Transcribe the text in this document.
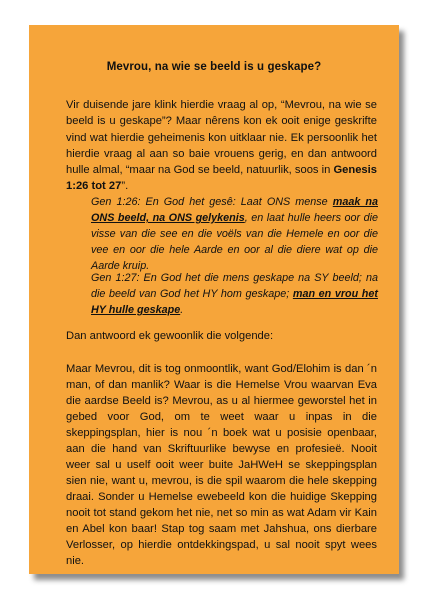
Mevrou, na wie se beeld is u geskape?
Vir duisende jare klink hierdie vraag al op, “Mevrou, na wie se beeld is u geskape”? Maar nêrens kon ek ooit enige geskrifte vind wat hierdie geheimenis kon uitklaar nie. Ek persoonlik het hierdie vraag al aan so baie vrouens gerig, en dan antwoord hulle almal, “maar na God se beeld, natuurlik, soos in Genesis 1:26 tot 27”.
Gen 1:26: En God het gesê: Laat ONS mense maak na ONS beeld, na ONS gelykenis, en laat hulle heers oor die visse van die see en die voëls van die Hemele en oor die vee en oor die hele Aarde en oor al die diere wat op die Aarde kruip.
Gen 1:27: En God het die mens geskape na SY beeld; na die beeld van God het HY hom geskape; man en vrou het HY hulle geskape.
Dan antwoord ek gewoonlik die volgende:
Maar Mevrou, dit is tog onmoontlik, want God/Elohim is dan ´n man, of dan manlik? Waar is die Hemelse Vrou waarvan Eva die aardse Beeld is? Mevrou, as u al hiermee geworstel het in gebed voor God, om te weet waar u inpas in die skeppingsplan, hier is nou ´n boek wat u posisie openbaar, aan die hand van Skriftuurlike bewyse en profesieë. Nooit weer sal u uself ooit weer buite JaHWeH se skeppingsplan sien nie, want u, mevrou, is die spil waarom die hele skepping draai. Sonder u Hemelse ewebeeld kon die huidige Skepping nooit tot stand gekom het nie, net so min as wat Adam vir Kain en Abel kon baar! Stap tog saam met Jahshua, ons dierbare Verlosser, op hierdie ontdekkingspad, u sal nooit spyt wees nie.
